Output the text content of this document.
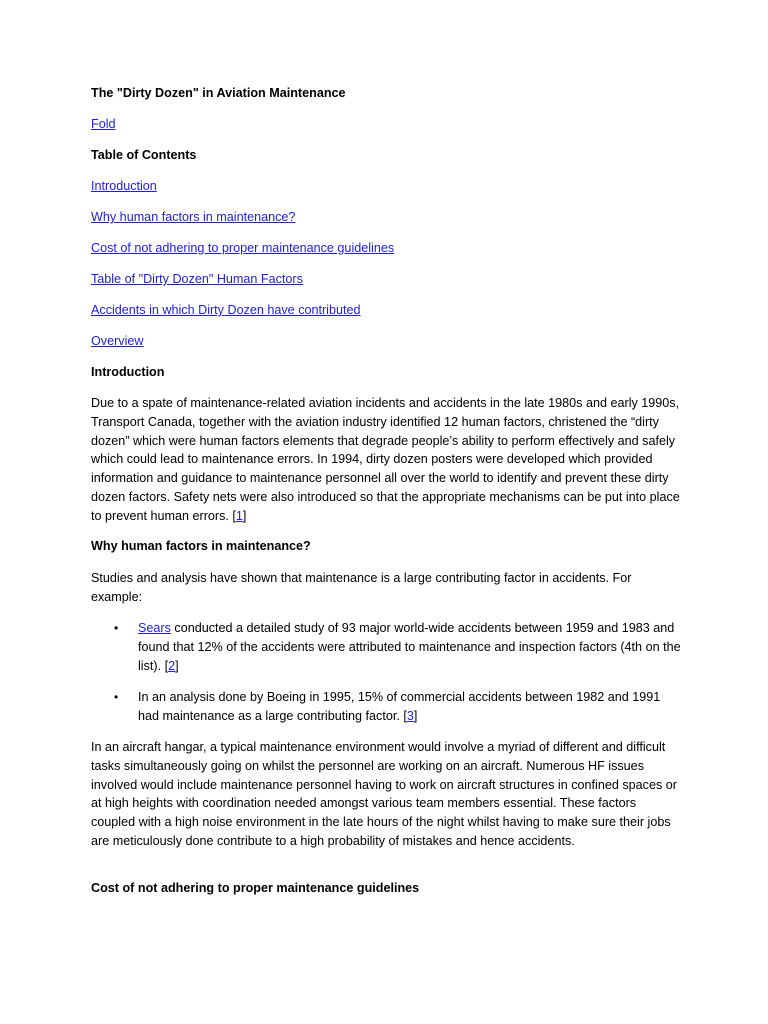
The "Dirty Dozen" in Aviation Maintenance

Fold

Table of Contents

Introduction

Why human factors in maintenance?

Cost of not adhering to proper maintenance guidelines

Table of "Dirty Dozen" Human Factors

Accidents in which Dirty Dozen have contributed

Overview

Introduction

Due to a spate of maintenance-related aviation incidents and accidents in the late 1980s and early 1990s, Transport Canada, together with the aviation industry identified 12 human factors, christened the “dirty dozen” which were human factors elements that degrade people’s ability to perform effectively and safely which could lead to maintenance errors. In 1994, dirty dozen posters were developed which provided information and guidance to maintenance personnel all over the world to identify and prevent these dirty dozen factors. Safety nets were also introduced so that the appropriate mechanisms can be put into place to prevent human errors. [1]

Why human factors in maintenance?

Studies and analysis have shown that maintenance is a large contributing factor in accidents. For example:

• Sears conducted a detailed study of 93 major world-wide accidents between 1959 and 1983 and found that 12% of the accidents were attributed to maintenance and inspection factors (4th on the list). [2]
• In an analysis done by Boeing in 1995, 15% of commercial accidents between 1982 and 1991 had maintenance as a large contributing factor. [3]

In an aircraft hangar, a typical maintenance environment would involve a myriad of different and difficult tasks simultaneously going on whilst the personnel are working on an aircraft. Numerous HF issues involved would include maintenance personnel having to work on aircraft structures in confined spaces or at high heights with coordination needed amongst various team members essential. These factors coupled with a high noise environment in the late hours of the night whilst having to make sure their jobs are meticulously done contribute to a high probability of mistakes and hence accidents.

Cost of not adhering to proper maintenance guidelines
